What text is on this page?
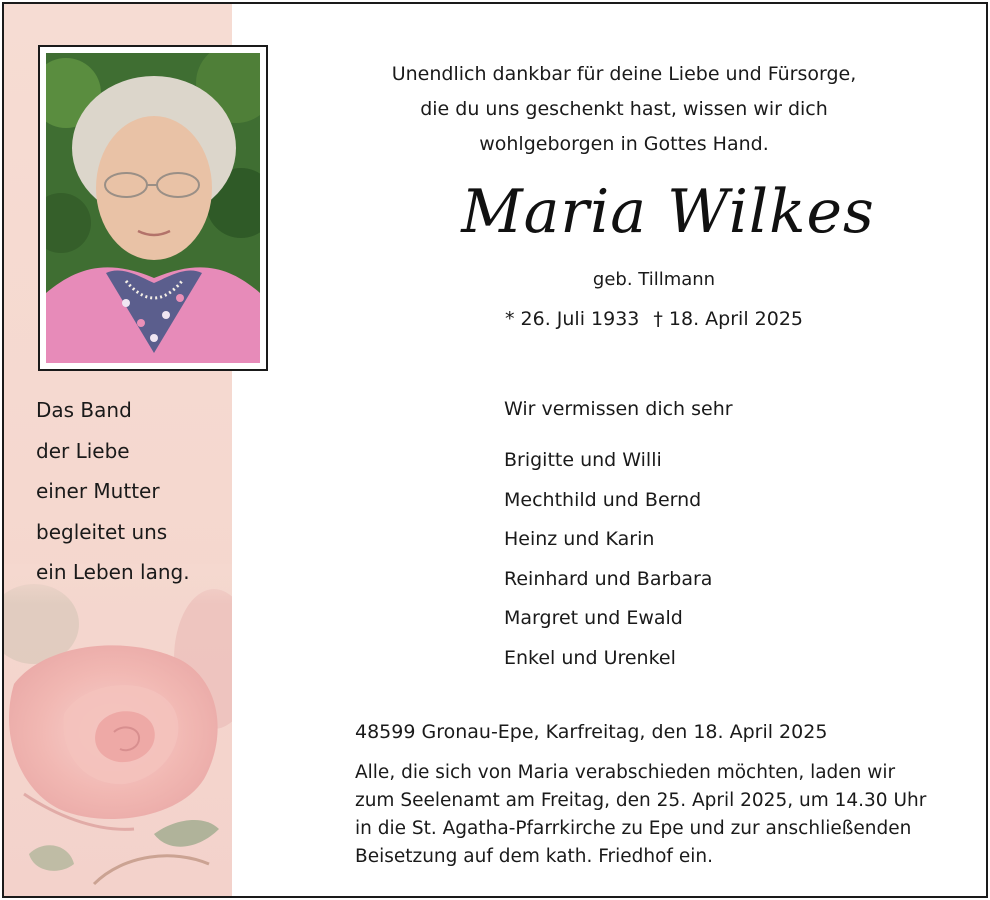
Das Band
der Liebe
einer Mutter
begleitet uns
ein Leben lang.
Unendlich dankbar für deine Liebe und Fürsorge,
die du uns geschenkt hast, wissen wir dich
wohlgeborgen in Gottes Hand.
Maria Wilkes
geb. Tillmann
* 26. Juli 1933 † 18. April 2025
Wir vermissen dich sehr
Brigitte und Willi
Mechthild und Bernd
Heinz und Karin
Reinhard und Barbara
Margret und Ewald
Enkel und Urenkel
48599 Gronau-Epe, Karfreitag, den 18. April 2025
Alle, die sich von Maria verabschieden möchten, laden wir
zum Seelenamt am Freitag, den 25. April 2025, um 14.30 Uhr
in die St. Agatha-Pfarrkirche zu Epe und zur anschließenden
Beisetzung auf dem kath. Friedhof ein.
